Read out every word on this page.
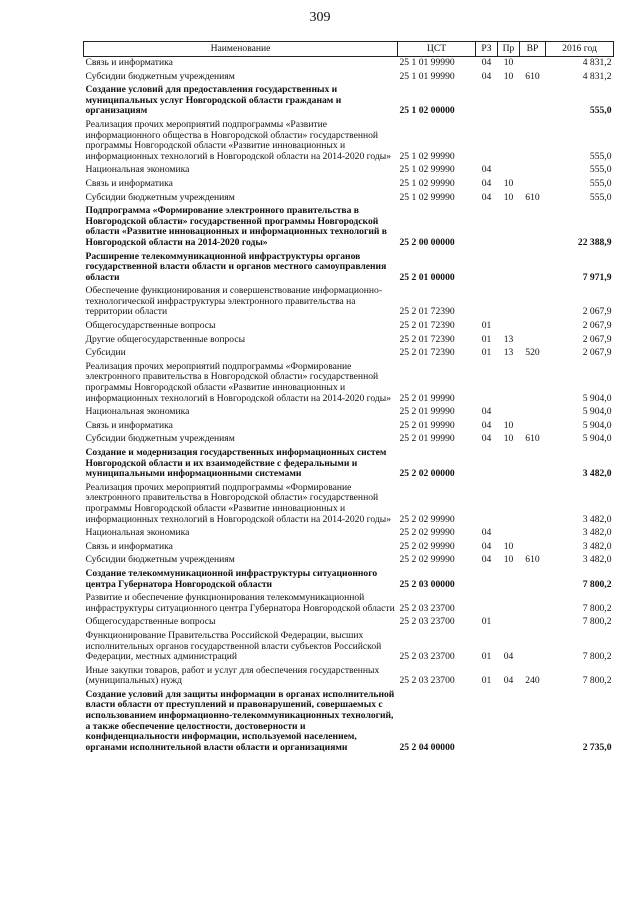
309
Наименование	ЦСТ	РЗ	Пр	ВР	2016 год
Связь и информатика	25 1 01 99990	04	10		4 831,2
Субсидии бюджетным учреждениям	25 1 01 99990	04	10	610	4 831,2
Создание условий для предоставления государственных и муниципальных услуг Новгородской области гражданам и организациям	25 1 02 00000				555,0
Реализация прочих мероприятий подпрограммы «Развитие информационного общества в Новгородской области» государственной программы Новгородской области «Развитие инновационных и информационных технологий в Новгородской области на 2014-2020 годы»	25 1 02 99990				555,0
Национальная экономика	25 1 02 99990	04			555,0
Связь и информатика	25 1 02 99990	04	10		555,0
Субсидии бюджетным учреждениям	25 1 02 99990	04	10	610	555,0
Подпрограмма «Формирование электронного правительства в Новгородской области» государственной программы Новгородской области «Развитие инновационных и информационных технологий в Новгородской области на 2014-2020 годы»	25 2 00 00000				22 388,9
Расширение телекоммуникационной инфраструктуры органов государственной власти области и органов местного самоуправления области	25 2 01 00000				7 971,9
Обеспечение функционирования и совершенствование информационно-технологической инфраструктуры электронного правительства на территории области	25 2 01 72390				2 067,9
Общегосударственные вопросы	25 2 01 72390	01			2 067,9
Другие общегосударственные вопросы	25 2 01 72390	01	13		2 067,9
Субсидии	25 2 01 72390	01	13	520	2 067,9
Реализация прочих мероприятий подпрограммы «Формирование электронного правительства в Новгородской области» государственной программы Новгородской области «Развитие инновационных и информационных технологий в Новгородской области на 2014-2020 годы»	25 2 01 99990				5 904,0
Национальная экономика	25 2 01 99990	04			5 904,0
Связь и информатика	25 2 01 99990	04	10		5 904,0
Субсидии бюджетным учреждениям	25 2 01 99990	04	10	610	5 904,0
Создание и модернизация государственных информационных систем Новгородской области и их взаимодействие с федеральными и муниципальными информационными системами	25 2 02 00000				3 482,0
Реализация прочих мероприятий подпрограммы «Формирование электронного правительства в Новгородской области» государственной программы Новгородской области «Развитие инновационных и информационных технологий в Новгородской области на 2014-2020 годы»	25 2 02 99990				3 482,0
Национальная экономика	25 2 02 99990	04			3 482,0
Связь и информатика	25 2 02 99990	04	10		3 482,0
Субсидии бюджетным учреждениям	25 2 02 99990	04	10	610	3 482,0
Создание телекоммуникационной инфраструктуры ситуационного центра Губернатора Новгородской области	25 2 03 00000				7 800,2
Развитие и обеспечение функционирования телекоммуникационной инфраструктуры ситуационного центра Губернатора Новгородской области	25 2 03 23700				7 800,2
Общегосударственные вопросы	25 2 03 23700	01			7 800,2
Функционирование Правительства Российской Федерации, высших исполнительных органов государственной власти субъектов Российской Федерации, местных администраций	25 2 03 23700	01	04		7 800,2
Иные закупки товаров, работ и услуг для обеспечения государственных (муниципальных) нужд	25 2 03 23700	01	04	240	7 800,2
Создание условий для защиты информации в органах исполнительной власти области от преступлений и правонарушений, совершаемых с использованием информационно-телекоммуникационных технологий, а также обеспечение целостности, достоверности и конфиденциальности информации, используемой населением, органами исполнительной власти области и организациями	25 2 04 00000				2 735,0
